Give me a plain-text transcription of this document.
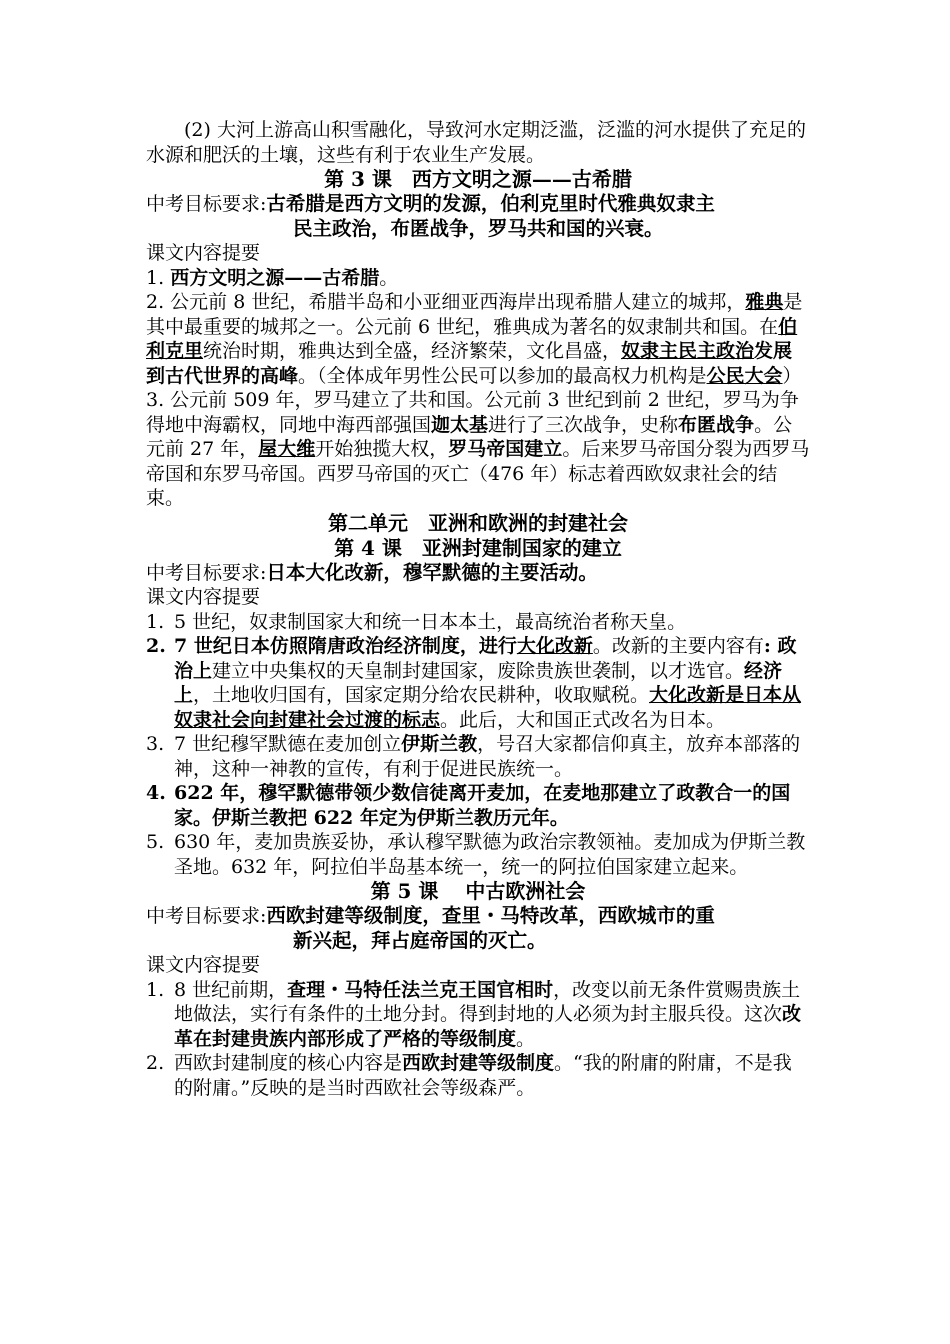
(2) 大河上游高山积雪融化，导致河水定期泛滥，泛滥的河水提供了充足的水源和肥沃的土壤，这些有利于农业生产发展。

第 3 课　西方文明之源——古希腊
中考目标要求: 古希腊是西方文明的发源，伯利克里时代雅典奴隶主

民主政治，布匿战争，罗马共和国的兴衰。

课文内容提要

1. 西方文明之源——古希腊。

2. 公元前 8 世纪，希腊半岛和小亚细亚西海岸出现希腊人建立的城邦，雅典是其中最重要的城邦之一。公元前 6 世纪，雅典成为著名的奴隶制共和国。在伯利克里统治时期，雅典达到全盛，经济繁荣，文化昌盛，奴隶主民主政治发展到古代世界的高峰。（全体成年男性公民可以参加的最高权力机构是公民大会）

3. 公元前 509 年，罗马建立了共和国。公元前 3 世纪到前 2 世纪，罗马为争得地中海霸权，同地中海西部强国迦太基进行了三次战争，史称布匿战争。公元前 27 年，屋大维开始独揽大权，罗马帝国建立。后来罗马帝国分裂为西罗马帝国和东罗马帝国。西罗马帝国的灭亡（476 年）标志着西欧奴隶社会的结束。

第二单元　亚洲和欧洲的封建社会
第 4 课　亚洲封建制国家的建立
中考目标要求: 日本大化改新，穆罕默德的主要活动。

课文内容提要

1. 5 世纪，奴隶制国家大和统一日本本土，最高统治者称天皇。
2. 7 世纪日本仿照隋唐政治经济制度，进行大化改新。改新的主要内容有: 政治上建立中央集权的天皇制封建国家，废除贵族世袭制，以才选官。经济上，土地收归国有，国家定期分给农民耕种，收取赋税。大化改新是日本从奴隶社会向封建社会过渡的标志。此后，大和国正式改名为日本。
3. 7 世纪穆罕默德在麦加创立伊斯兰教，号召大家都信仰真主，放弃本部落的神，这种一神教的宣传，有利于促进民族统一。
4. 622 年，穆罕默德带领少数信徒离开麦加，在麦地那建立了政教合一的国家。伊斯兰教把 622 年定为伊斯兰教历元年。
5. 630 年，麦加贵族妥协，承认穆罕默德为政治宗教领袖。麦加成为伊斯兰教圣地。632 年，阿拉伯半岛基本统一，统一的阿拉伯国家建立起来。
第 5 课　 中古欧洲社会
中考目标要求: 西欧封建等级制度，查里・马特改革，西欧城市的重

新兴起，拜占庭帝国的灭亡。

课文内容提要

1. 8 世纪前期，查理・马特任法兰克王国官相时，改变以前无条件赏赐贵族土地做法，实行有条件的土地分封。得到封地的人必须为封主服兵役。这次改革在封建贵族内部形成了严格的等级制度。
2. 西欧封建制度的核心内容是西欧封建等级制度。“我的附庸的附庸，不是我的附庸。”反映的是当时西欧社会等级森严。
